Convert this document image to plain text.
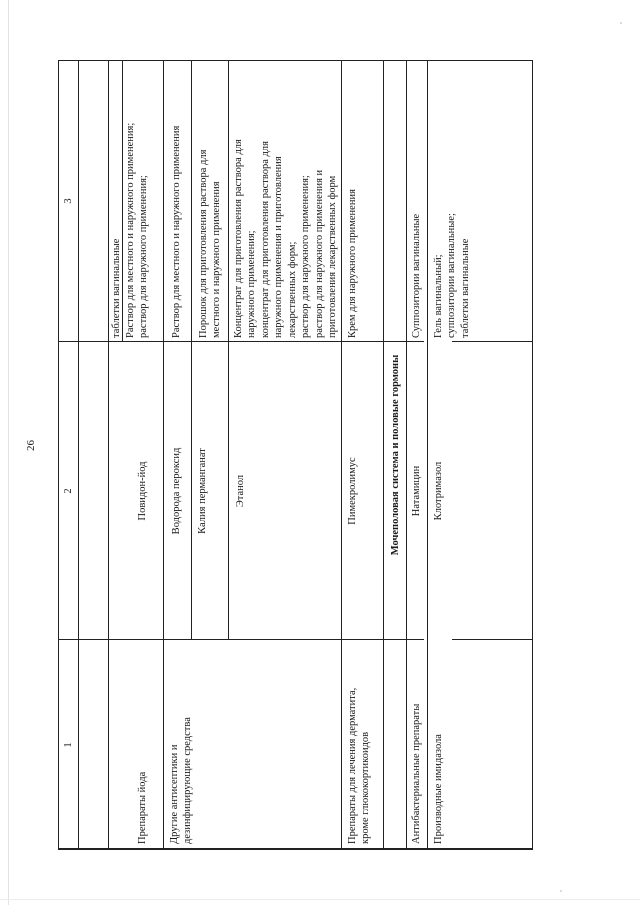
26
1
2
3
Препараты йода
Повидон-йод
таблетки вагинальные Раствор для местного и наружного применения; раствор для наружного применения;
Другие антисептики и дезинфицирующие средства
Водорода пероксид
Раствор для местного и наружного применения
Калия перманганат
Порошок для приготовления раствора для местного и наружного применения
Этанол
Концентрат для приготовления раствора для наружного применения; концентрат для приготовления раствора для наружного применения и приготовления лекарственных форм; раствор для наружного применения; раствор для наружного применения и приготовления лекарственных форм
Препараты для лечения дерматита, кроме глюкокортикоидов
Пимекролимус
Крем для наружного применения
Мочеполовая система и половые гормоны
Антибактериальные препараты
Натамицин
Суппозитории вагинальные
Производные имидазола
Клотримазол
Гель вагинальный; суппозитории вагинальные; таблетки вагинальные
